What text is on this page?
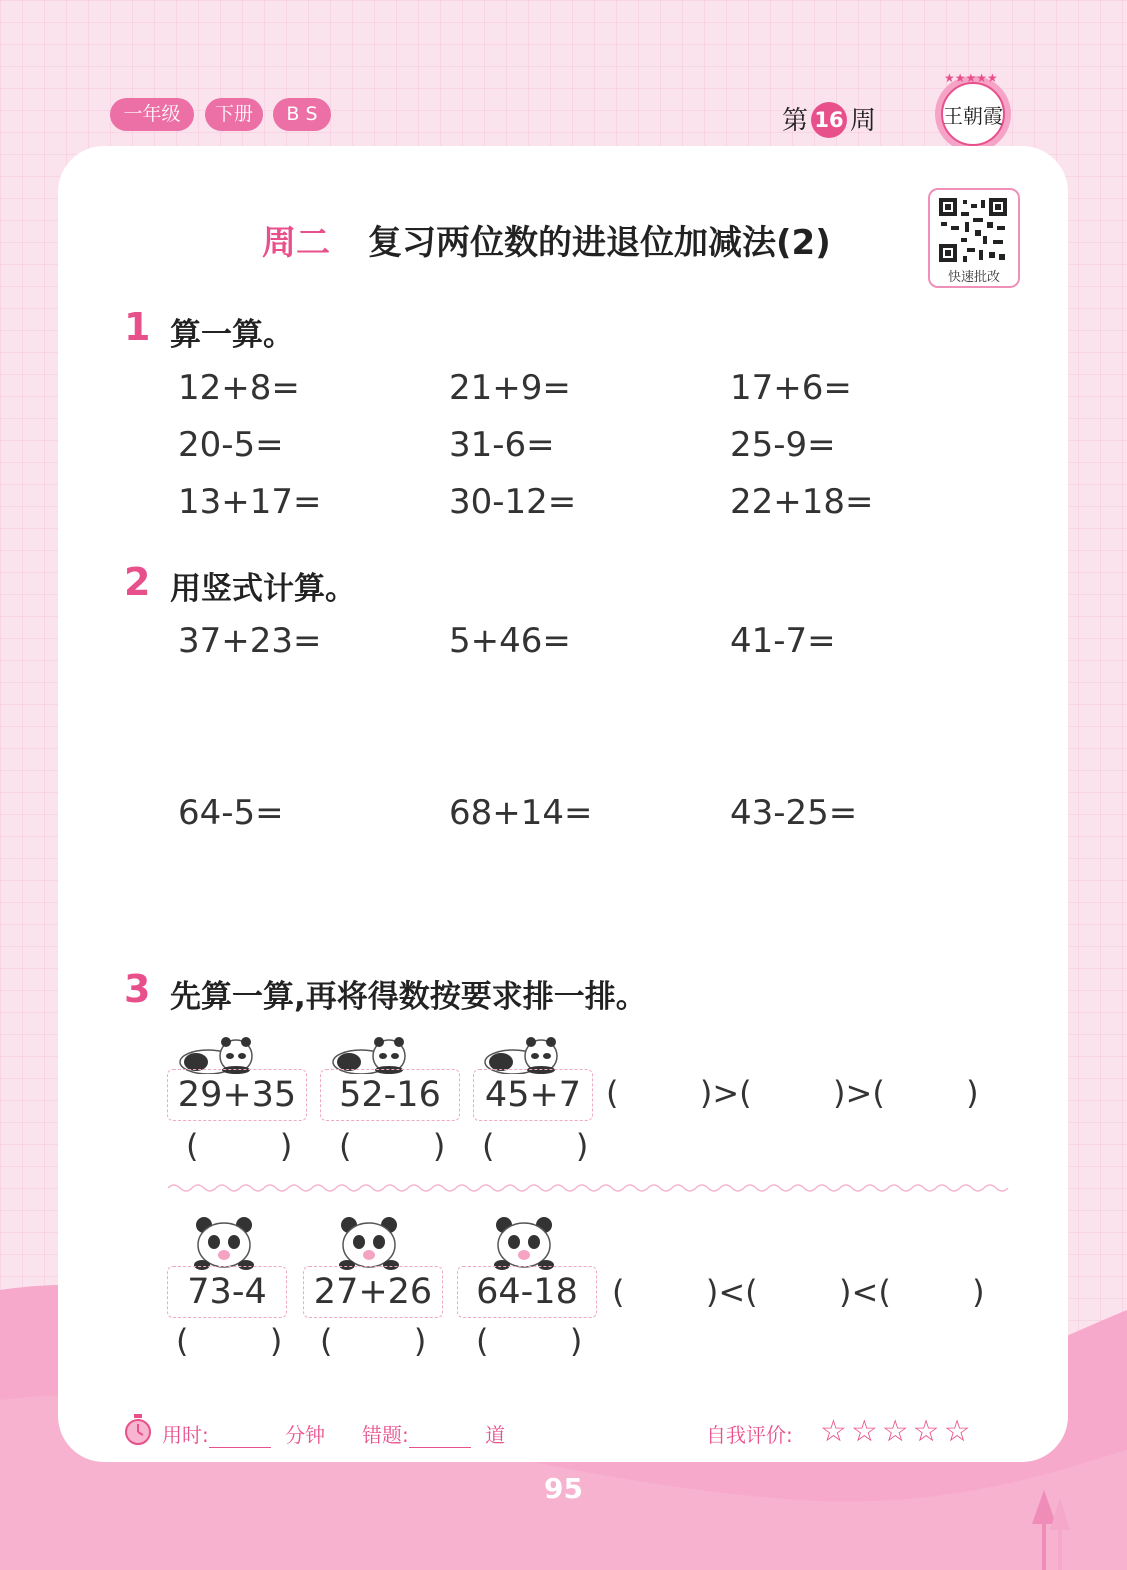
一年级	下册	B S	第 16 周
★★★★★
王朝霞
周二 复习两位数的进退位加减法(2)
快速批改
1 算一算。
12+8=	21+9=	17+6=
20-5=	31-6=	25-9=
13+17=	30-12=	22+18=
2 用竖式计算。
37+23=	5+46=	41-7=
64-5=	68+14=	43-25=
3 先算一算,再将得数按要求排一排。
29+35	52-16	45+7 (        )>(        )>(        )
(        ) (        ) (        )
73-4	27+26	64-18	(        )<(        )<(        )
(        ) (        ) (        )
用时:	分钟 错题:	道	自我评价: ☆☆☆☆☆
95
